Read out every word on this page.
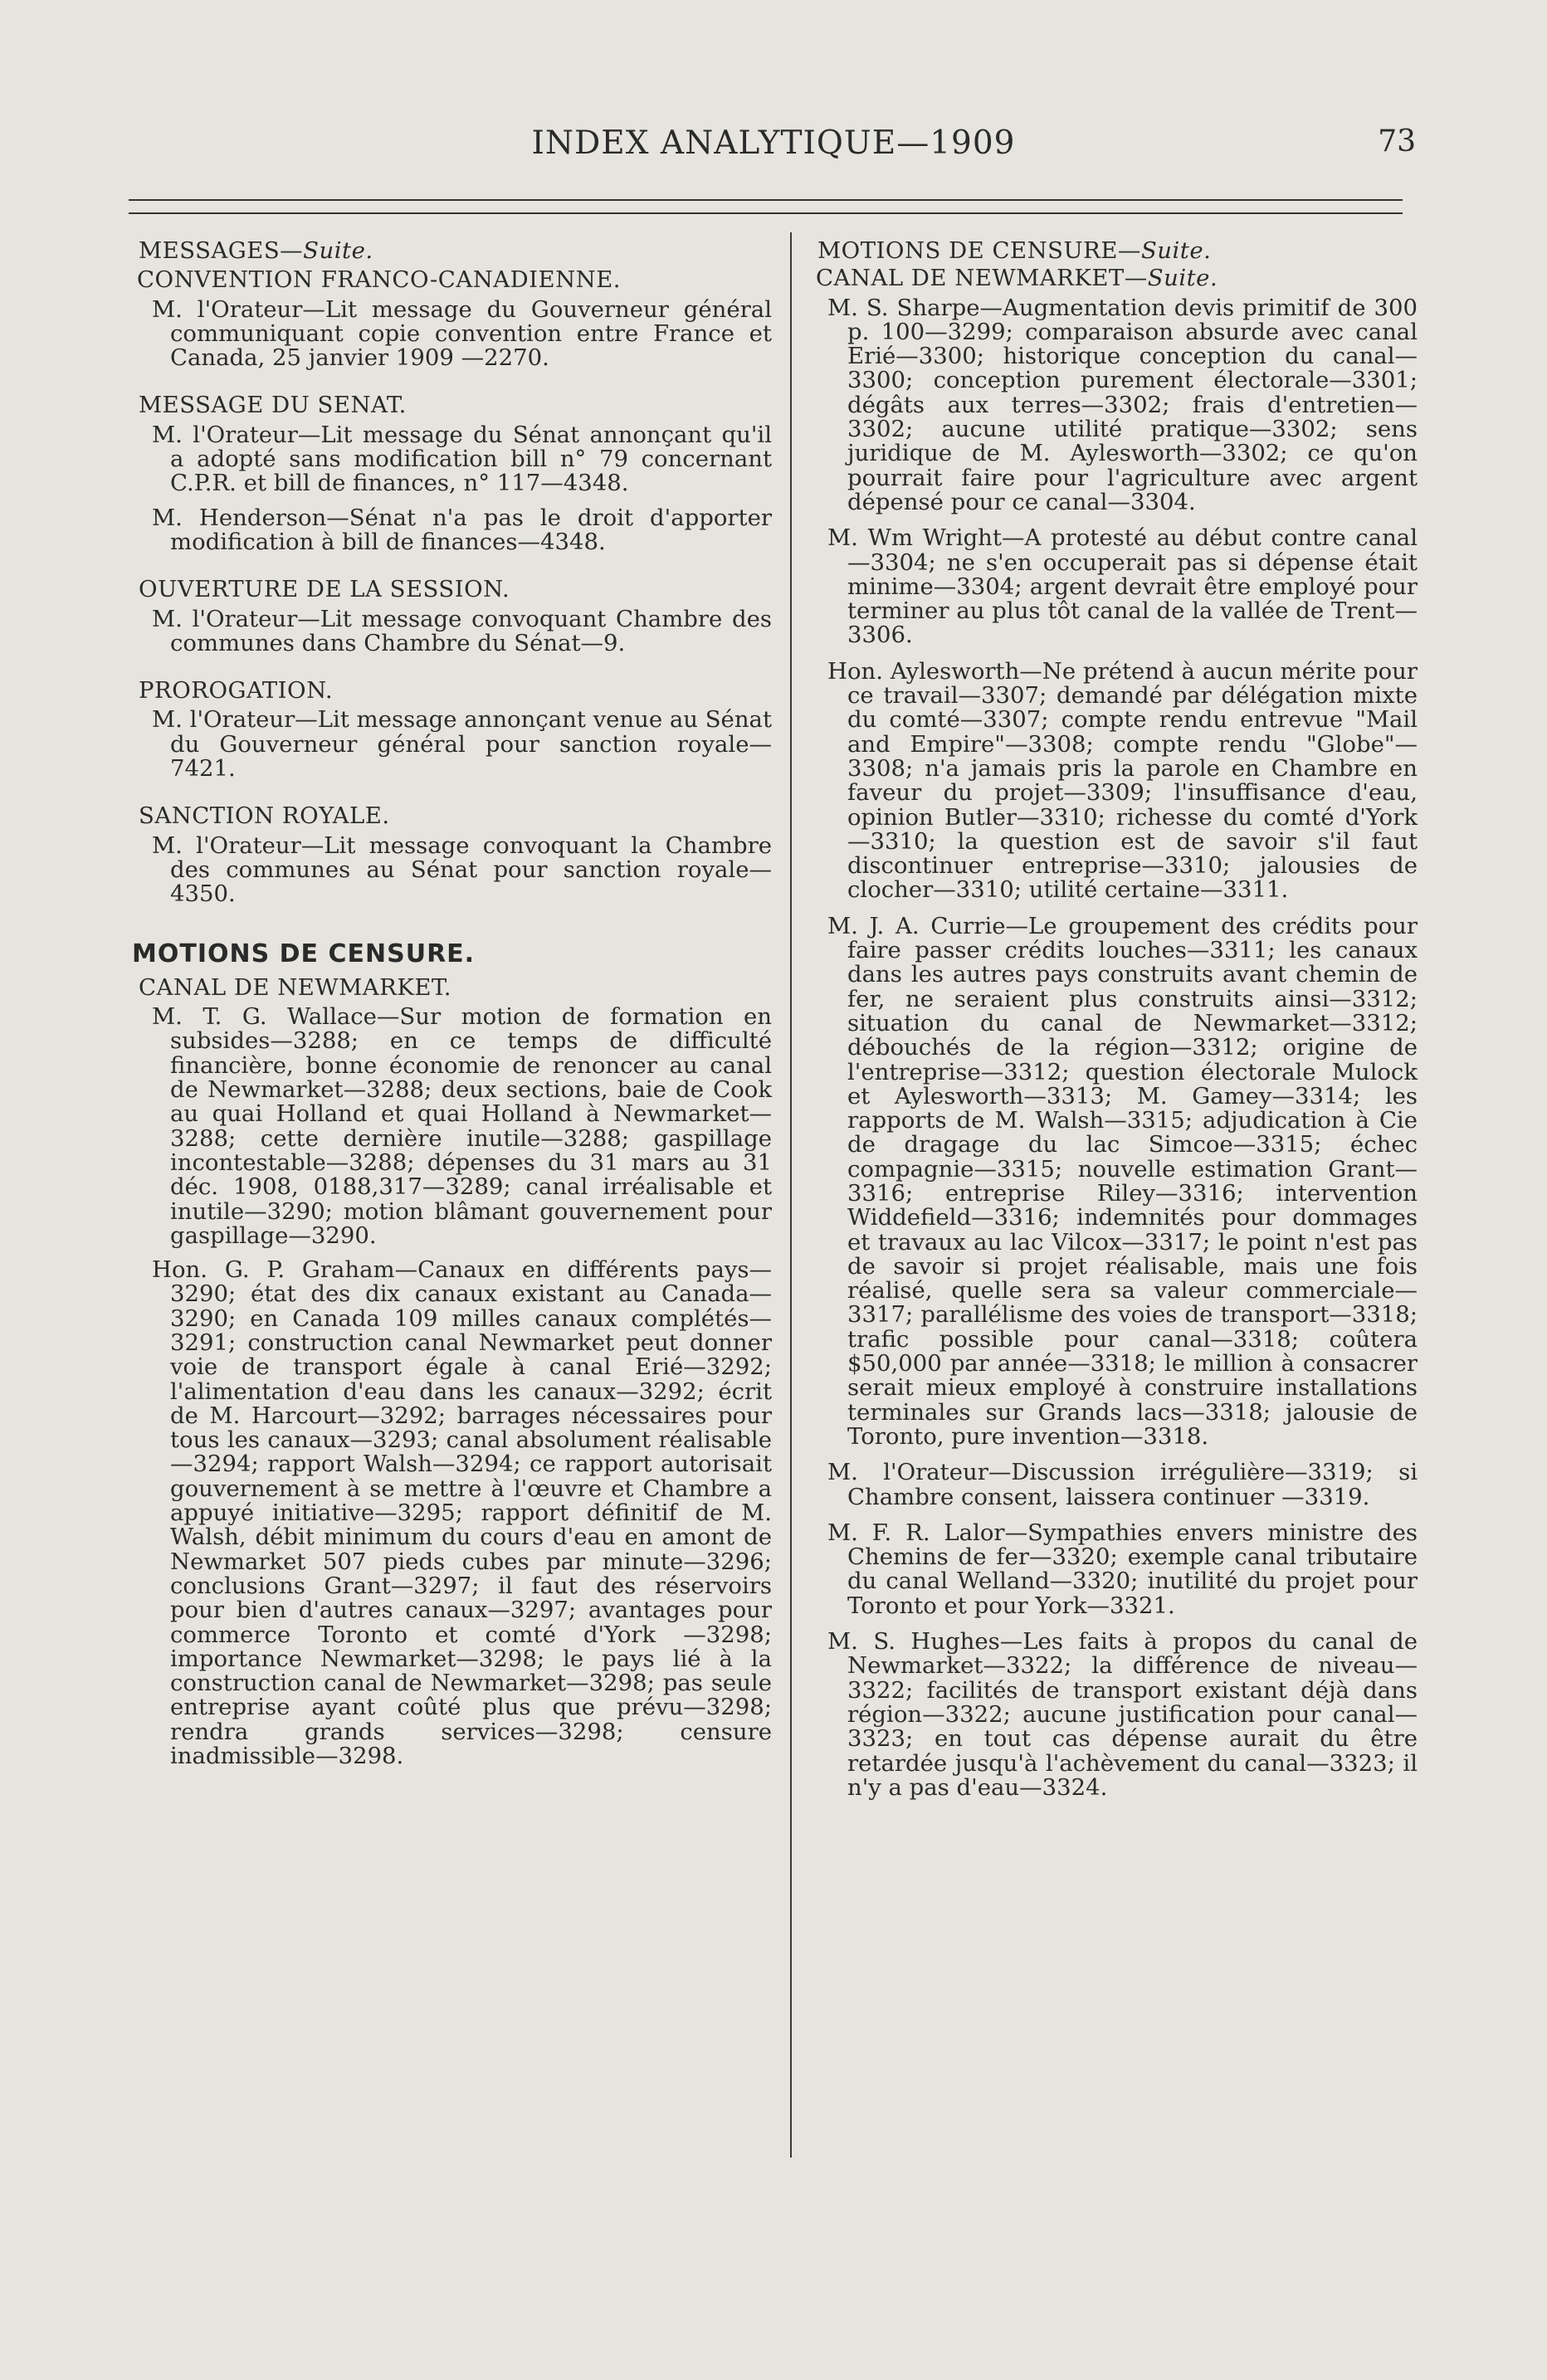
INDEX ANALYTIQUE—1909	73

MESSAGES—Suite.

CONVENTION FRANCO-CANADIENNE.

M. l'Orateur—Lit message du Gouverneur général communiquant copie convention entre France et Canada, 25 janvier 1909 —2270.

MESSAGE DU SENAT.

M. l'Orateur—Lit message du Sénat annonçant qu'il a adopté sans modification bill n° 79 concernant C.P.R. et bill de finances, n° 117—4348.

M. Henderson—Sénat n'a pas le droit d'apporter modification à bill de finances—4348.

OUVERTURE DE LA SESSION.

M. l'Orateur—Lit message convoquant Chambre des communes dans Chambre du Sénat—9.

PROROGATION.

M. l'Orateur—Lit message annonçant venue au Sénat du Gouverneur général pour sanction royale—7421.

SANCTION ROYALE.

M. l'Orateur—Lit message convoquant la Chambre des communes au Sénat pour sanction royale—4350.

MOTIONS DE CENSURE.

CANAL DE NEWMARKET.

M. T. G. Wallace—Sur motion de formation en subsides—3288; en ce temps de difficulté financière, bonne économie de renoncer au canal de Newmarket—3288; deux sections, baie de Cook au quai Holland et quai Holland à Newmarket—3288; cette dernière inutile—3288; gaspillage incontestable—3288; dépenses du 31 mars au 31 déc. 1908, 0188,317—3289; canal irréalisable et inutile—3290; motion blâmant gouvernement pour gaspillage—3290.

Hon. G. P. Graham—Canaux en différents pays—3290; état des dix canaux existant au Canada—3290; en Canada 109 milles canaux complétés—3291; construction canal Newmarket peut donner voie de transport égale à canal Erié—3292; l'alimentation d'eau dans les canaux—3292; écrit de M. Harcourt—3292; barrages nécessaires pour tous les canaux—3293; canal absolument réalisable—3294; rapport Walsh—3294; ce rapport autorisait gouvernement à se mettre à l'œuvre et Chambre a appuyé initiative—3295; rapport définitif de M. Walsh, débit minimum du cours d'eau en amont de Newmarket 507 pieds cubes par minute—3296; conclusions Grant—3297; il faut des réservoirs pour bien d'autres canaux—3297; avantages pour commerce Toronto et comté d'York —3298; importance Newmarket—3298; le pays lié à la construction canal de Newmarket—3298; pas seule entreprise ayant coûté plus que prévu—3298; rendra grands services—3298; censure inadmissible—3298.

MOTIONS DE CENSURE—Suite.

CANAL DE NEWMARKET—Suite.

M. S. Sharpe—Augmentation devis primitif de 300 p. 100—3299; comparaison absurde avec canal Erié—3300; historique conception du canal—3300; conception purement électorale—3301; dégâts aux terres—3302; frais d'entretien—3302; aucune utilité pratique—3302; sens juridique de M. Aylesworth—3302; ce qu'on pourrait faire pour l'agriculture avec argent dépensé pour ce canal—3304.

M. Wm Wright—A protesté au début contre canal—3304; ne s'en occuperait pas si dépense était minime—3304; argent devrait être employé pour terminer au plus tôt canal de la vallée de Trent—3306.

Hon. Aylesworth—Ne prétend à aucun mérite pour ce travail—3307; demandé par délégation mixte du comté—3307; compte rendu entrevue "Mail and Empire"—3308; compte rendu "Globe"—3308; n'a jamais pris la parole en Chambre en faveur du projet—3309; l'insuffisance d'eau, opinion Butler—3310; richesse du comté d'York—3310; la question est de savoir s'il faut discontinuer entreprise—3310; jalousies de clocher—3310; utilité certaine—3311.

M. J. A. Currie—Le groupement des crédits pour faire passer crédits louches—3311; les canaux dans les autres pays construits avant chemin de fer, ne seraient plus construits ainsi—3312; situation du canal de Newmarket—3312; débouchés de la région—3312; origine de l'entreprise—3312; question électorale Mulock et Aylesworth—3313; M. Gamey—3314; les rapports de M. Walsh—3315; adjudication à Cie de dragage du lac Simcoe—3315; échec compagnie—3315; nouvelle estimation Grant—3316; entreprise Riley—3316; intervention Widdefield—3316; indemnités pour dommages et travaux au lac Vilcox—3317; le point n'est pas de savoir si projet réalisable, mais une fois réalisé, quelle sera sa valeur commerciale—3317; parallélisme des voies de transport—3318; trafic possible pour canal—3318; coûtera $50,000 par année—3318; le million à consacrer serait mieux employé à construire installations terminales sur Grands lacs—3318; jalousie de Toronto, pure invention—3318.

M. l'Orateur—Discussion irrégulière—3319; si Chambre consent, laissera continuer —3319.

M. F. R. Lalor—Sympathies envers ministre des Chemins de fer—3320; exemple canal tributaire du canal Welland—3320; inutilité du projet pour Toronto et pour York—3321.

M. S. Hughes—Les faits à propos du canal de Newmarket—3322; la différence de niveau—3322; facilités de transport existant déjà dans région—3322; aucune justification pour canal—3323; en tout cas dépense aurait du être retardée jusqu'à l'achèvement du canal—3323; il n'y a pas d'eau—3324.
